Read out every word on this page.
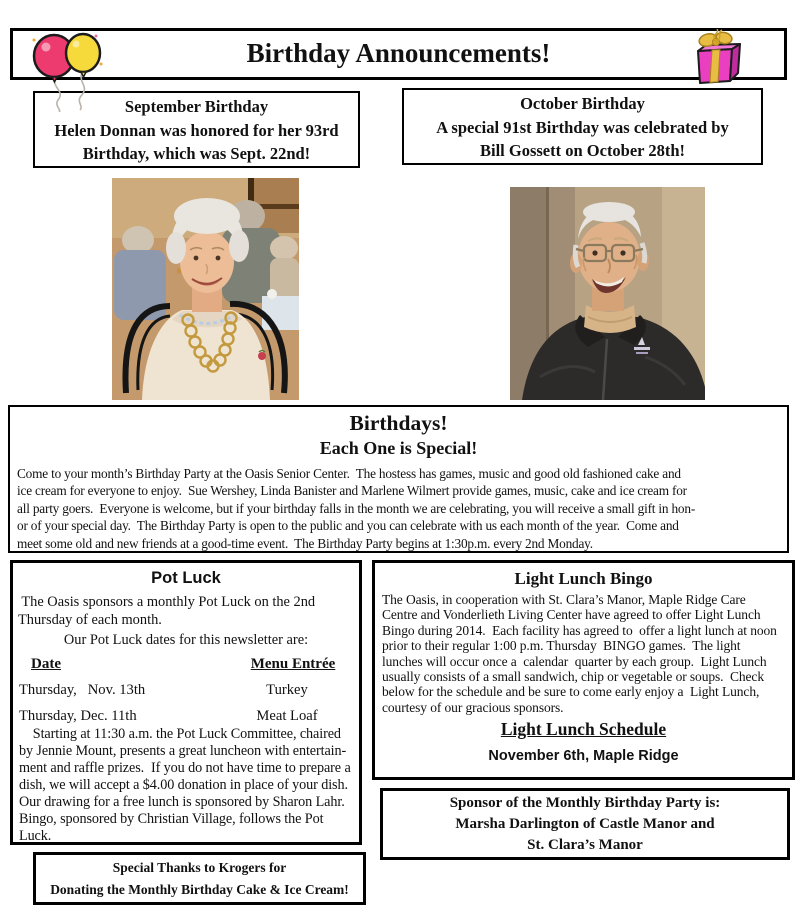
Birthday Announcements!
September Birthday
Helen Donnan was honored for her 93rd
Birthday, which was Sept. 22nd!
October Birthday
A special 91st Birthday was celebrated by
Bill Gossett on October 28th!
Birthdays!
Each One is Special!
Come to your month’s Birthday Party at the Oasis Senior Center.  The hostess has games, music and good old fashioned cake and
ice cream for everyone to enjoy.  Sue Wershey, Linda Banister and Marlene Wilmert provide games, music, cake and ice cream for
all party goers.  Everyone is welcome, but if your birthday falls in the month we are celebrating, you will receive a small gift in hon-
or of your special day.  The Birthday Party is open to the public and you can celebrate with us each month of the year.  Come and
meet some old and new friends at a good-time event.  The Birthday Party begins at 1:30p.m. every 2nd Monday.
Pot Luck
The Oasis sponsors a monthly Pot Luck on the 2nd
Thursday of each month.
Our Pot Luck dates for this newsletter are:
Date	Menu Entrée
Thursday,   Nov. 13th	Turkey
Thursday, Dec. 11th	Meat Loaf
Starting at 11:30 a.m. the Pot Luck Committee, chaired
by Jennie Mount, presents a great luncheon with entertain-
ment and raffle prizes.  If you do not have time to prepare a
dish, we will accept a $4.00 donation in place of your dish.
Our drawing for a free lunch is sponsored by Sharon Lahr.
Bingo, sponsored by Christian Village, follows the Pot
Luck.
Light Lunch Bingo
The Oasis, in cooperation with St. Clara’s Manor, Maple Ridge Care
Centre and Vonderlieth Living Center have agreed to offer Light Lunch
Bingo during 2014.  Each facility has agreed to  offer a light lunch at noon
prior to their regular 1:00 p.m. Thursday  BINGO games.  The light
lunches will occur once a  calendar  quarter by each group.  Light Lunch
usually consists of a small sandwich, chip or vegetable or soups.  Check
below for the schedule and be sure to come early enjoy a  Light Lunch,
courtesy of our gracious sponsors.
Light Lunch Schedule
November 6th, Maple Ridge
Sponsor of the Monthly Birthday Party is:
Marsha Darlington of Castle Manor and
St. Clara’s Manor
Special Thanks to Krogers for
Donating the Monthly Birthday Cake & Ice Cream!
